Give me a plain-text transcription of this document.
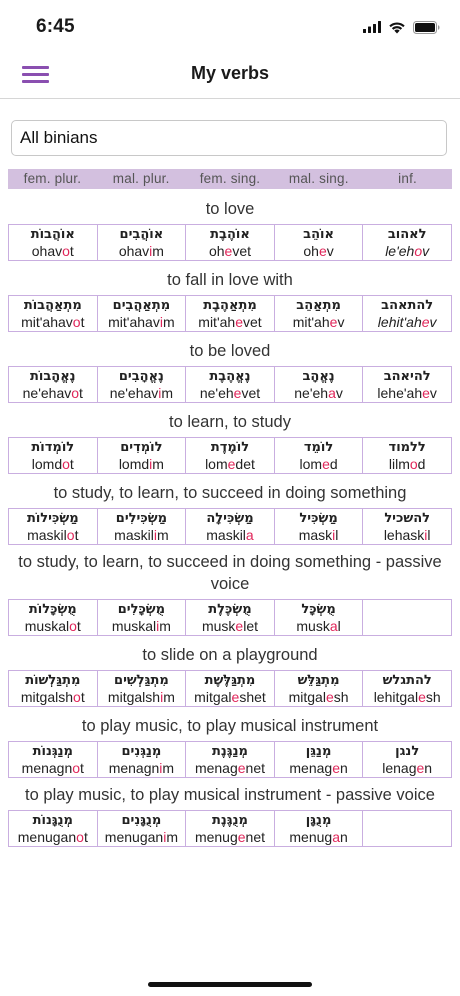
6:45
My verbs
All binians
fem. plur.	mal. plur.	fem. sing.	mal. sing.	inf.
to love
אוֹהֲבוֹת
ohavot
אוֹהֲבִים
ohavim
אוֹהֶבֶת
ohevet
אוֹהֵב
ohev
לאהוב
le'ehov
to fall in love with
מִתְאַהֲבוֹת
mit'ahavot
מִתְאַהֲבִים
mit'ahavim
מִתְאַהֶבֶת
mit'ahevet
מִתְאַהֵב
mit'ahev
להתאהב
lehit'ahev
to be loved
נֶאֱהָבוֹת
ne'ehavot
נֶאֱהָבִים
ne'ehavim
נֶאֱהֶבֶת
ne'ehevet
נֶאֱהָב
ne'ehav
להיאהב
lehe'ahev
to learn, to study
לוֹמְדוֹת
lomdot
לוֹמְדִים
lomdim
לוֹמֶדֶת
lomedet
לוֹמֵד
lomed
ללמוד
lilmod
to study, to learn, to succeed in doing something
מַשְׂכִּילוֹת
maskilot
מַשְׂכִּילִים
maskilim
מַשְׂכִּילָה
maskila
מַשְׂכִּיל
maskil
להשכיל
lehaskil
to study, to learn, to succeed in doing something - passive voice
מֻשְׂכָּלוֹת
muskalot
מֻשְׂכָּלִים
muskalim
מֻשְׂכֶּלֶת
muskelet
מֻשְׂכָּל
muskal

to slide on a playground
מִתְגַּלְשׁוֹת
mitgalshot
מִתְגַּלְשִׁים
mitgalshim
מִתְגַּלֶּשֶׁת
mitgaleshet
מִתְגַּלֵּשׁ
mitgalesh
להתגלש
lehitgalesh
to play music, to play musical instrument
מְנַגְּנוֹת
menagnot
מְנַגְּנִים
menagnim
מְנַגֶּנֶת
menagenet
מְנַגֵּן
menagen
לנגן
lenagen
to play music, to play musical instrument - passive voice
מְנֻגָּנוֹת
menuganot
מְנֻגָּנִים
menuganim
מְנֻגֶּנֶת
menugenet
מְנֻגָּן
menugan
